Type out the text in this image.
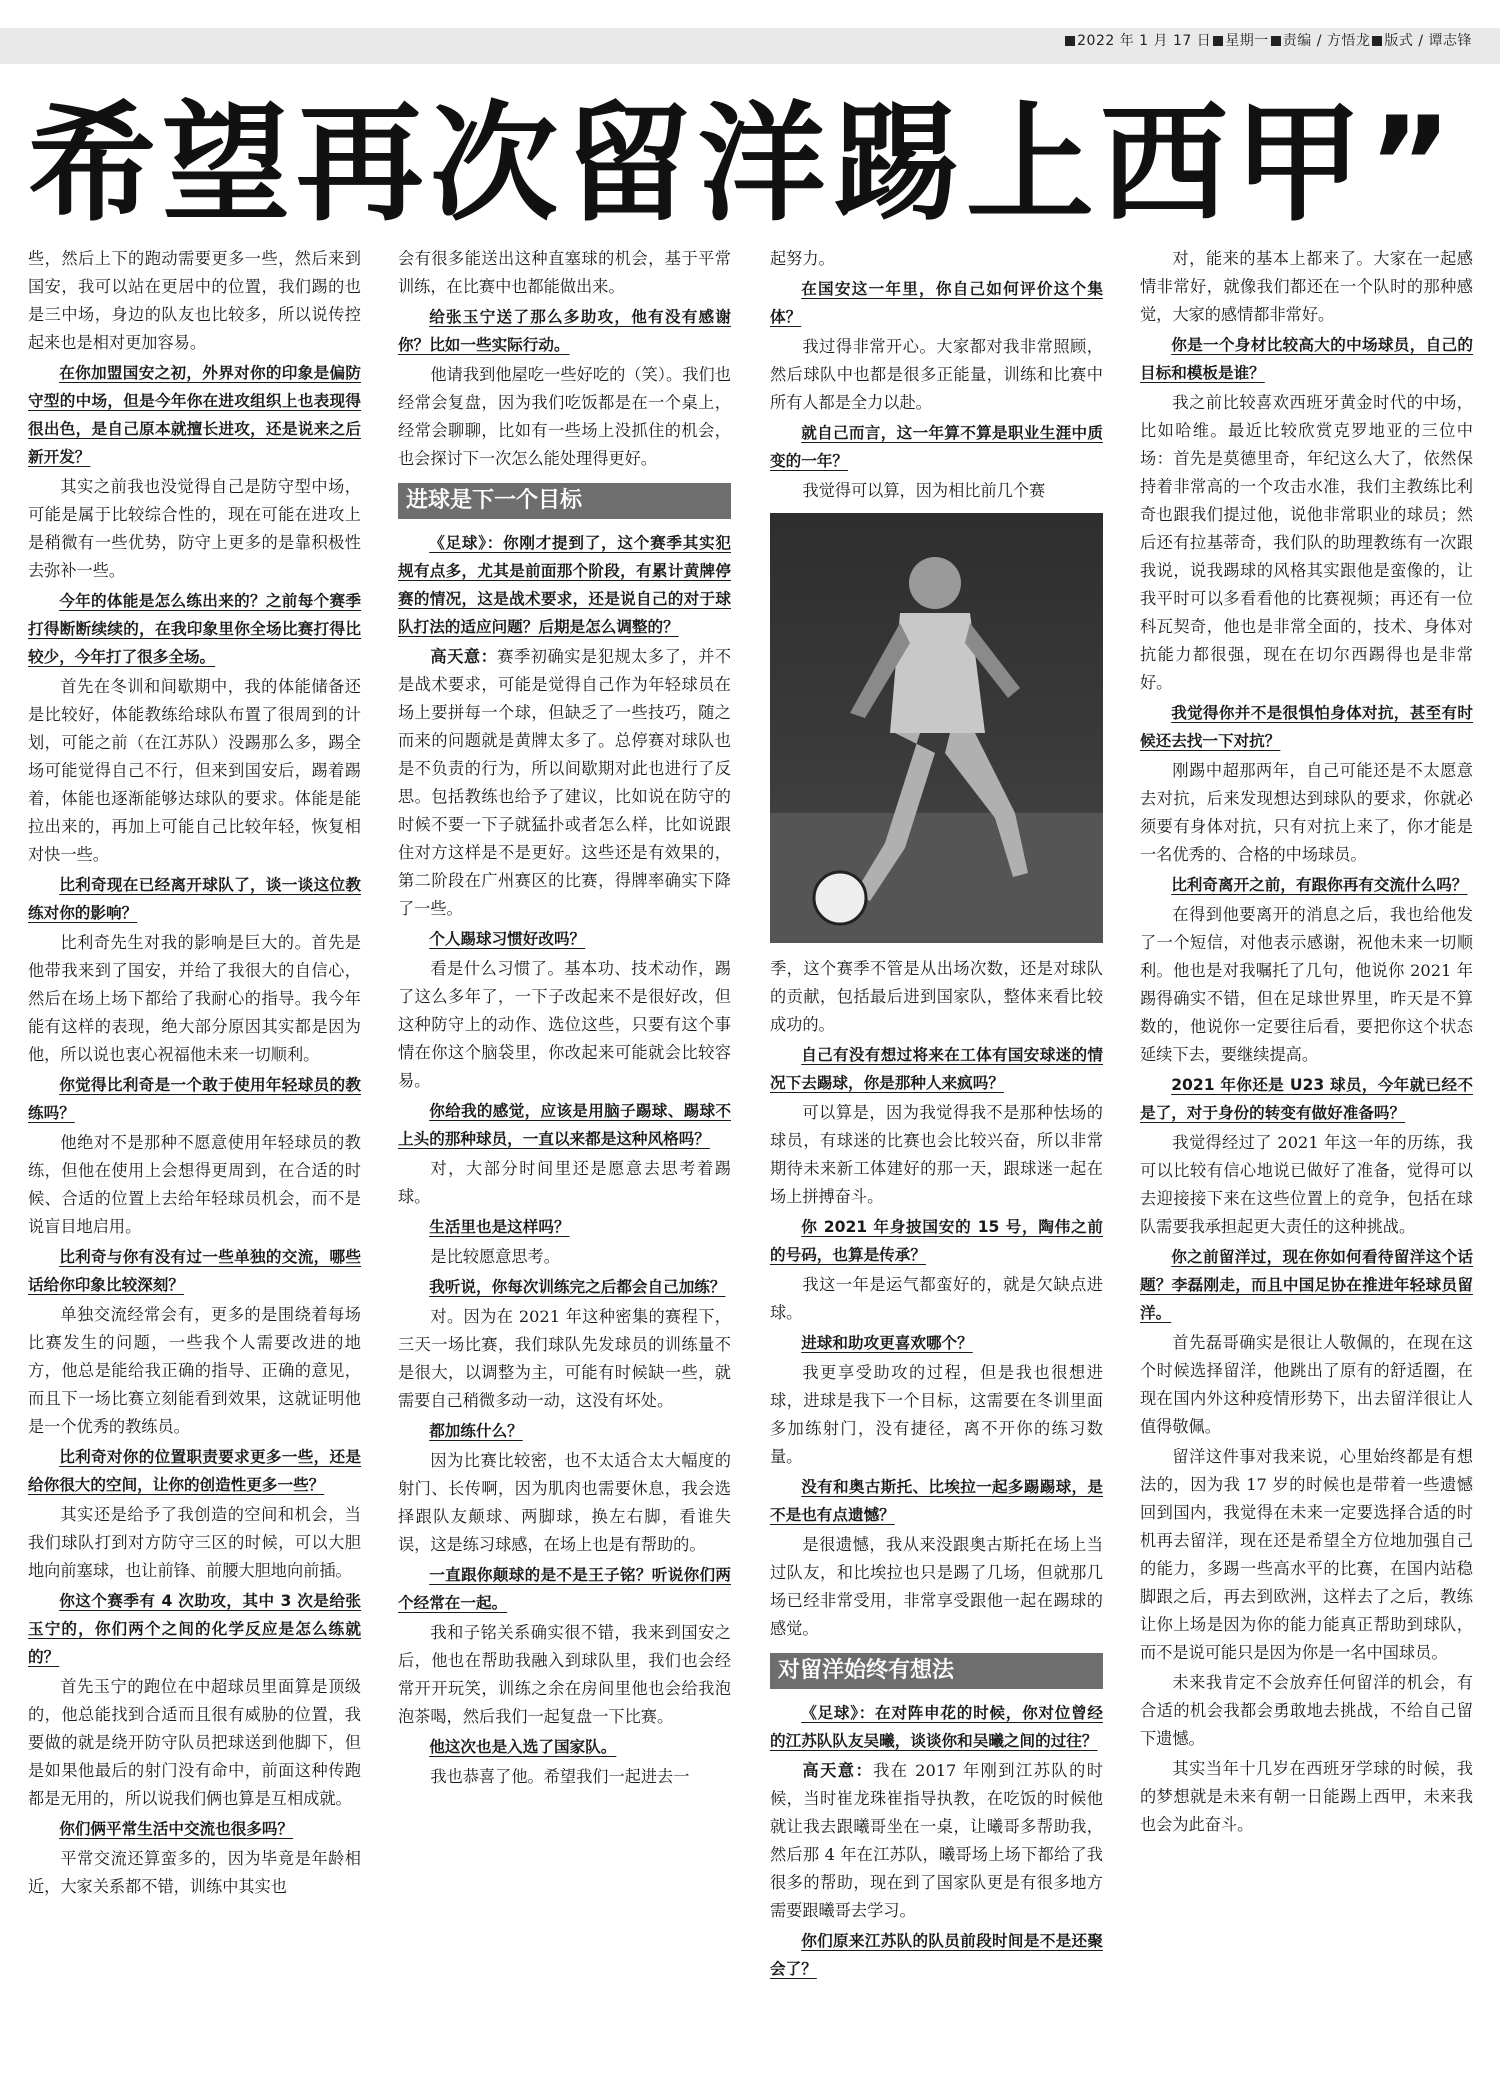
2022 年 1 月 17 日 星期一 责编 / 方悟龙 版式 / 谭志锋
希望再次留洋踢上西甲”

些，然后上下的跑动需要更多一些，然后来到国安，我可以站在更居中的位置，我们踢的也是三中场，身边的队友也比较多，所以说传控起来也是相对更加容易。

在你加盟国安之初，外界对你的印象是偏防守型的中场，但是今年你在进攻组织上也表现得很出色，是自己原本就擅长进攻，还是说来之后新开发？

其实之前我也没觉得自己是防守型中场，可能是属于比较综合性的，现在可能在进攻上是稍微有一些优势，防守上更多的是靠积极性去弥补一些。

今年的体能是怎么练出来的？之前每个赛季打得断断续续的，在我印象里你全场比赛打得比较少，今年打了很多全场。

首先在冬训和间歇期中，我的体能储备还是比较好，体能教练给球队布置了很周到的计划，可能之前（在江苏队）没踢那么多，踢全场可能觉得自己不行，但来到国安后，踢着踢着，体能也逐渐能够达球队的要求。体能是能拉出来的，再加上可能自己比较年轻，恢复相对快一些。

比利奇现在已经离开球队了，谈一谈这位教练对你的影响？

比利奇先生对我的影响是巨大的。首先是他带我来到了国安，并给了我很大的自信心，然后在场上场下都给了我耐心的指导。我今年能有这样的表现，绝大部分原因其实都是因为他，所以说也衷心祝福他未来一切顺利。

你觉得比利奇是一个敢于使用年轻球员的教练吗？

他绝对不是那种不愿意使用年轻球员的教练，但他在使用上会想得更周到，在合适的时候、合适的位置上去给年轻球员机会，而不是说盲目地启用。

比利奇与你有没有过一些单独的交流，哪些话给你印象比较深刻？

单独交流经常会有，更多的是围绕着每场比赛发生的问题，一些我个人需要改进的地方，他总是能给我正确的指导、正确的意见，而且下一场比赛立刻能看到效果，这就证明他是一个优秀的教练员。

比利奇对你的位置职责要求更多一些，还是给你很大的空间，让你的创造性更多一些？

其实还是给予了我创造的空间和机会，当我们球队打到对方防守三区的时候，可以大胆地向前塞球，也让前锋、前腰大胆地向前插。

你这个赛季有 4 次助攻，其中 3 次是给张玉宁的，你们两个之间的化学反应是怎么练就的？

首先玉宁的跑位在中超球员里面算是顶级的，他总能找到合适而且很有威胁的位置，我要做的就是绕开防守队员把球送到他脚下，但是如果他最后的射门没有命中，前面这种传跑都是无用的，所以说我们俩也算是互相成就。

你们俩平常生活中交流也很多吗？

平常交流还算蛮多的，因为毕竟是年龄相近，大家关系都不错，训练中其实也

会有很多能送出这种直塞球的机会，基于平常训练，在比赛中也都能做出来。

给张玉宁送了那么多助攻，他有没有感谢你？比如一些实际行动。

他请我到他屋吃一些好吃的（笑）。我们也经常会复盘，因为我们吃饭都是在一个桌上，经常会聊聊，比如有一些场上没抓住的机会，也会探讨下一次怎么能处理得更好。

进球是下一个目标

《足球》：你刚才提到了，这个赛季其实犯规有点多，尤其是前面那个阶段，有累计黄牌停赛的情况，这是战术要求，还是说自己的对于球队打法的适应问题？后期是怎么调整的？

高天意：赛季初确实是犯规太多了，并不是战术要求，可能是觉得自己作为年轻球员在场上要拼每一个球，但缺乏了一些技巧，随之而来的问题就是黄牌太多了。总停赛对球队也是不负责的行为，所以间歇期对此也进行了反思。包括教练也给予了建议，比如说在防守的时候不要一下子就猛扑或者怎么样，比如说跟住对方这样是不是更好。这些还是有效果的，第二阶段在广州赛区的比赛，得牌率确实下降了一些。

个人踢球习惯好改吗？

看是什么习惯了。基本功、技术动作，踢了这么多年了，一下子改起来不是很好改，但这种防守上的动作、选位这些，只要有这个事情在你这个脑袋里，你改起来可能就会比较容易。

你给我的感觉，应该是用脑子踢球、踢球不上头的那种球员，一直以来都是这种风格吗？

对，大部分时间里还是愿意去思考着踢球。

生活里也是这样吗？

是比较愿意思考。

我听说，你每次训练完之后都会自己加练？

对。因为在 2021 年这种密集的赛程下，三天一场比赛，我们球队先发球员的训练量不是很大，以调整为主，可能有时候缺一些，就需要自己稍微多动一动，这没有坏处。

都加练什么？

因为比赛比较密，也不太适合太大幅度的射门、长传啊，因为肌肉也需要休息，我会选择跟队友颠球、两脚球，换左右脚，看谁失误，这是练习球感，在场上也是有帮助的。

一直跟你颠球的是不是王子铭？听说你们两个经常在一起。

我和子铭关系确实很不错，我来到国安之后，他也在帮助我融入到球队里，我们也会经常开开玩笑，训练之余在房间里他也会给我泡泡茶喝，然后我们一起复盘一下比赛。

他这次也是入选了国家队。

我也恭喜了他。希望我们一起进去一

起努力。

在国安这一年里，你自己如何评价这个集体？

我过得非常开心。大家都对我非常照顾，然后球队中也都是很多正能量，训练和比赛中所有人都是全力以赴。

就自己而言，这一年算不算是职业生涯中质变的一年？

我觉得可以算，因为相比前几个赛

季，这个赛季不管是从出场次数，还是对球队的贡献，包括最后进到国家队，整体来看比较成功的。

自己有没有想过将来在工体有国安球迷的情况下去踢球，你是那种人来疯吗？

可以算是，因为我觉得我不是那种怯场的球员，有球迷的比赛也会比较兴奋，所以非常期待未来新工体建好的那一天，跟球迷一起在场上拼搏奋斗。

你 2021 年身披国安的 15 号，陶伟之前的号码，也算是传承？

我这一年是运气都蛮好的，就是欠缺点进球。

进球和助攻更喜欢哪个？

我更享受助攻的过程，但是我也很想进球，进球是我下一个目标，这需要在冬训里面多加练射门，没有捷径，离不开你的练习数量。

没有和奥古斯托、比埃拉一起多踢踢球，是不是也有点遗憾？

是很遗憾，我从来没跟奥古斯托在场上当过队友，和比埃拉也只是踢了几场，但就那几场已经非常受用，非常享受跟他一起在踢球的感觉。

对留洋始终有想法

《足球》：在对阵申花的时候，你对位曾经的江苏队队友吴曦，谈谈你和吴曦之间的过往？

高天意：我在 2017 年刚到江苏队的时候，当时崔龙珠崔指导执教，在吃饭的时候他就让我去跟曦哥坐在一桌，让曦哥多帮助我，然后那 4 年在江苏队，曦哥场上场下都给了我很多的帮助，现在到了国家队更是有很多地方需要跟曦哥去学习。

你们原来江苏队的队员前段时间是不是还聚会了？

对，能来的基本上都来了。大家在一起感情非常好，就像我们都还在一个队时的那种感觉，大家的感情都非常好。

你是一个身材比较高大的中场球员，自己的目标和模板是谁？

我之前比较喜欢西班牙黄金时代的中场，比如哈维。最近比较欣赏克罗地亚的三位中场：首先是莫德里奇，年纪这么大了，依然保持着非常高的一个攻击水准，我们主教练比利奇也跟我们提过他，说他非常职业的球员；然后还有拉基蒂奇，我们队的助理教练有一次跟我说，说我踢球的风格其实跟他是蛮像的，让我平时可以多看看他的比赛视频；再还有一位科瓦契奇，他也是非常全面的，技术、身体对抗能力都很强，现在在切尔西踢得也是非常好。

我觉得你并不是很惧怕身体对抗，甚至有时候还去找一下对抗？

刚踢中超那两年，自己可能还是不太愿意去对抗，后来发现想达到球队的要求，你就必须要有身体对抗，只有对抗上来了，你才能是一名优秀的、合格的中场球员。

比利奇离开之前，有跟你再有交流什么吗？

在得到他要离开的消息之后，我也给他发了一个短信，对他表示感谢，祝他未来一切顺利。他也是对我嘱托了几句，他说你 2021 年踢得确实不错，但在足球世界里，昨天是不算数的，他说你一定要往后看，要把你这个状态延续下去，要继续提高。

2021 年你还是 U23 球员，今年就已经不是了，对于身份的转变有做好准备吗？

我觉得经过了 2021 年这一年的历练，我可以比较有信心地说已做好了准备，觉得可以去迎接接下来在这些位置上的竞争，包括在球队需要我承担起更大责任的这种挑战。

你之前留洋过，现在你如何看待留洋这个话题？李磊刚走，而且中国足协在推进年轻球员留洋。

首先磊哥确实是很让人敬佩的，在现在这个时候选择留洋，他跳出了原有的舒适圈，在现在国内外这种疫情形势下，出去留洋很让人值得敬佩。

留洋这件事对我来说，心里始终都是有想法的，因为我 17 岁的时候也是带着一些遗憾回到国内，我觉得在未来一定要选择合适的时机再去留洋，现在还是希望全方位地加强自己的能力，多踢一些高水平的比赛，在国内站稳脚跟之后，再去到欧洲，这样去了之后，教练让你上场是因为你的能力能真正帮助到球队，而不是说可能只是因为你是一名中国球员。

未来我肯定不会放弃任何留洋的机会，有合适的机会我都会勇敢地去挑战，不给自己留下遗憾。

其实当年十几岁在西班牙学球的时候，我的梦想就是未来有朝一日能踢上西甲，未来我也会为此奋斗。
